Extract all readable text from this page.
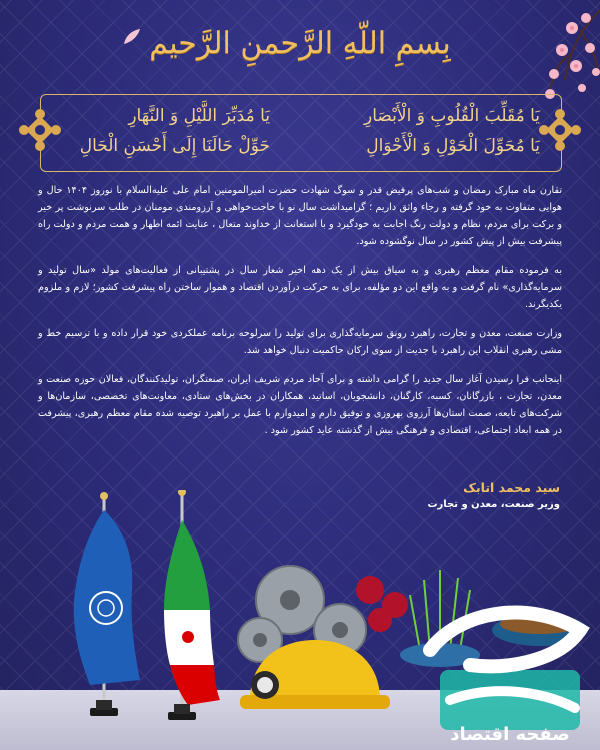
بِسمِ اللّهِ الرَّحمنِ الرَّحیم
یَا مُقَلِّبَ الْقُلُوبِ وَ الْأَبْصَارِ
یَا مُحَوِّلَ الْحَوْلِ وَ الْأَحْوَالِ
یَا مُدَبِّرَ اللَّیْلِ وَ النَّهَارِ
حَوِّلْ حَالَنَا إِلَی أَحْسَنِ الْحَالِ

تقارن ماه مبارک رمضان و شب‌های پرفیض قدر و سوگ شهادت حضرت امیرالمومنین امام علی علیه‌السلام با نوروز ۱۴۰۴ حال و هوایی متفاوت به خود گرفته و رجاء واثق داریم ؛ گرامیداشت سال نو با حاجت‌خواهی و آرزومندی مومنان در طلب سرنوشت پر خیر و برکت برای مردم، نظام و دولت رنگ اجابت به خودگیرد و با استعانت از خداوند متعال ، عنایت ائمه اطهار و همت مردم و دولت راه پیشرفت بیش از پیش کشور در سال نوگشوده شود.

به فرموده مقام معظم رهبری و به سیاق بیش از یک دهه اخیر شعار سال در پشتیبانی از فعالیت‌های مولد «سال تولید و سرمایه‌گذاری» نام گرفت و به واقع این دو مؤلفه، برای به حرکت درآوردن اقتصاد و هموار ساختن راه پیشرفت کشور؛ لازم و ملزوم یکدیگرند.

وزارت صنعت، معدن و تجارت، راهبرد رونق سرمایه‌گذاری برای تولید را سرلوحه برنامه عملکردی خود قرار داده و با ترسیم خط و مشی رهبری انقلاب این راهبرد با جدیت از سوی ارکان حاکمیت دنبال خواهد شد.

اینجانب فرا رسیدن آغاز سال جدید را گرامی داشته و برای آحاد مردم شریف ایران، صنعتگران، تولیدکنندگان، فعالان حوزه صنعت و معدن، تجارت ، بازرگانان، کسبه، کارگنان، دانشجویان، اساتید، همکاران در بخش‌های ستادی، معاونت‌های تخصصی، سازمان‌ها و شرکت‌های تابعه، صمت استان‌ها آرزوی بهروزی و توفیق دارم و امیدوارم با عمل بر راهبرد توصیه شده مقام معظم رهبری، پیشرفت در همه ابعاد اجتماعی، اقتصادی و فرهنگی بیش از گذشته عاید کشور شود .

سید محمد اتابک
وزیر صنعت، معدن و تجارت
صفحه اقتصاد
